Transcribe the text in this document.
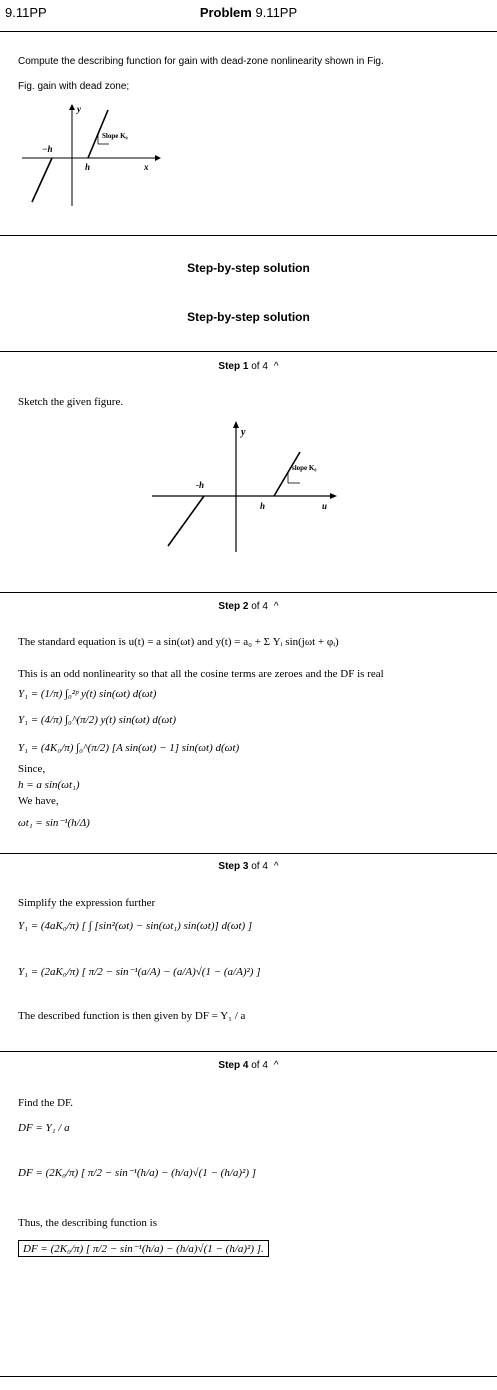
9.11PP	Problem 9.11PP
Compute the describing function for gain with dead-zone nonlinearity shown in Fig.
Fig. gain with dead zone;
y
−h
h	x
Slope K₀
Step-by-step solution
Step-by-step solution
Step 1 of 4 ^
Sketch the given figure.
y
-h
h	u
slope K₀
Step 2 of 4 ^
The standard equation is u(t) = a sin(ωt) and y(t) = a₀ + Σ Yᵢ sin(jωt + φᵢ)
This is an odd nonlinearity so that all the cosine terms are zeroes and the DF is real
Y₁ = (1/π) ∫₀²ᵖ y(t) sin(ωt) d(ωt)
Y₁ = (4/π) ∫₀^(π/2) y(t) sin(ωt) d(ωt)
Y₁ = (4K₀/π) ∫₀^(π/2) [A sin(ωt) − 1] sin(ωt) d(ωt)
Since,
h = a sin(ωt₁)
We have,
ωt₁ = sin⁻¹(h/Δ)
Step 3 of 4 ^
Simplify the expression further
Y₁ = (4aK₀/π) [ ∫ [sin²(ωt) − sin(ωt₁) sin(ωt)] d(ωt) ]
Y₁ = (2aK₀/π) [ π/2 − sin⁻¹(a/A) − (a/A)√(1 − (a/A)²) ]
The described function is then given by DF = Y₁ / a
Step 4 of 4 ^
Find the DF.
DF = Y₁ / a
DF = (2K₀/π) [ π/2 − sin⁻¹(h/a) − (h/a)√(1 − (h/a)²) ]
Thus, the describing function is
DF = (2K₀/π) [ π/2 − sin⁻¹(h/a) − (h/a)√(1 − (h/a)²) ].
